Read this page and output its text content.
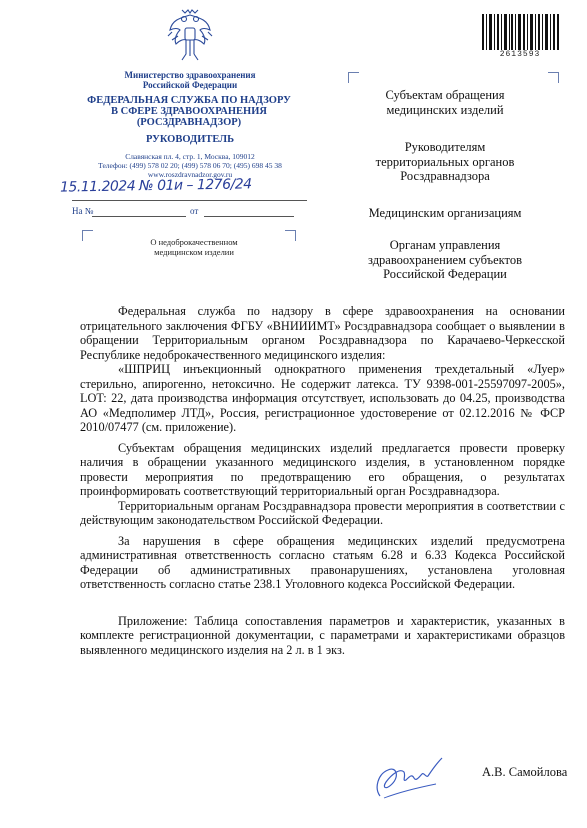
2613593
Министерство здравоохранения
Российской Федерации
ФЕДЕРАЛЬНАЯ СЛУЖБА ПО НАДЗОРУ
В СФЕРЕ ЗДРАВООХРАНЕНИЯ
(РОСЗДРАВНАДЗОР)
РУКОВОДИТЕЛЬ
Славянская пл. 4, стр. 1, Москва, 109012
Телефон: (499) 578 02 20; (499) 578 06 70; (495) 698 45 38
www.roszdravnadzor.gov.ru
15.11.2024 № 01и – 1276/24
На №	от
О недоброкачественном
медицинском изделии
Субъектам обращения
медицинских изделий
Руководителям
территориальных органов
Росздравнадзора
Медицинским организациям
Органам управления
здравоохранением субъектов
Российской Федерации

Федеральная служба по надзору в сфере здравоохранения на основании отрицательного заключения ФГБУ «ВНИИИМТ» Росздравнадзора сообщает о выявлении в обращении Территориальным органом Росздравнадзора по Карачаево-Черкесской Республике недоброкачественного медицинского изделия:

«ШПРИЦ инъекционный однократного применения трехдетальный «Луер» стерильно, апирогенно, нетоксично. Не содержит латекса. ТУ 9398-001-25597097-2005», LOT: 22, дата производства информация отсутствует, использовать до 04.25, производства АО «Медполимер ЛТД», Россия, регистрационное удостоверение от 02.12.2016 № ФСР 2010/07477 (см. приложение).

Субъектам обращения медицинских изделий предлагается провести проверку наличия в обращении указанного медицинского изделия, в установленном порядке провести мероприятия по предотвращению его обращения, о результатах проинформировать соответствующий территориальный орган Росздравнадзора.

Территориальным органам Росздравнадзора провести мероприятия в соответствии с действующим законодательством Российской Федерации.

За нарушения в сфере обращения медицинских изделий предусмотрена административная ответственность согласно статьям 6.28 и 6.33 Кодекса Российской Федерации об административных правонарушениях, установлена уголовная ответственность согласно статье 238.1 Уголовного кодекса Российской Федерации.

Приложение: Таблица сопоставления параметров и характеристик, указанных в комплекте регистрационной документации, с параметрами и характеристиками образцов выявленного медицинского изделия на 2 л. в 1 экз.

А.В. Самойлова
